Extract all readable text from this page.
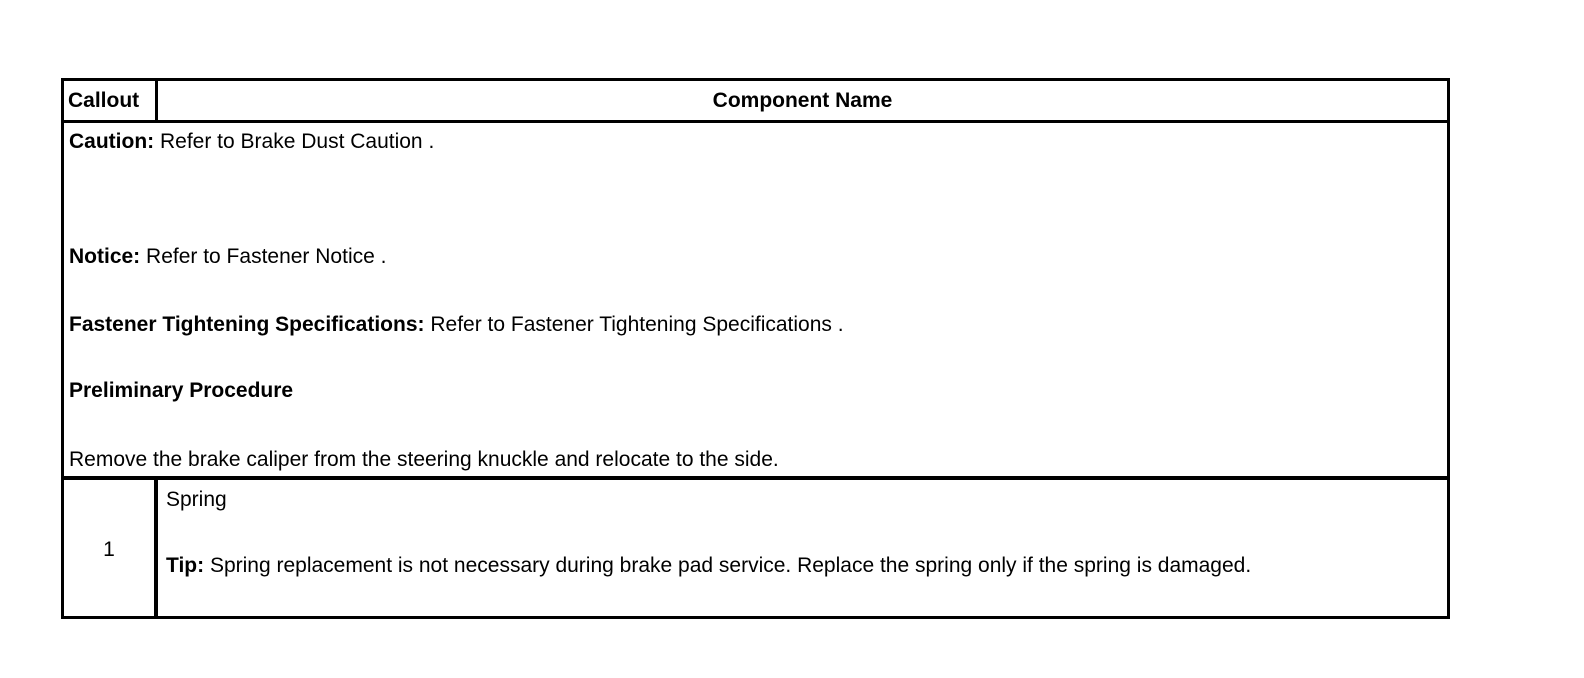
Callout	Component Name
Caution: Refer to Brake Dust Caution .
Notice: Refer to Fastener Notice .
Fastener Tightening Specifications: Refer to Fastener Tightening Specifications .
Preliminary Procedure
Remove the brake caliper from the steering knuckle and relocate to the side.
1
Spring
Tip: Spring replacement is not necessary during brake pad service. Replace the spring only if the spring is damaged.
